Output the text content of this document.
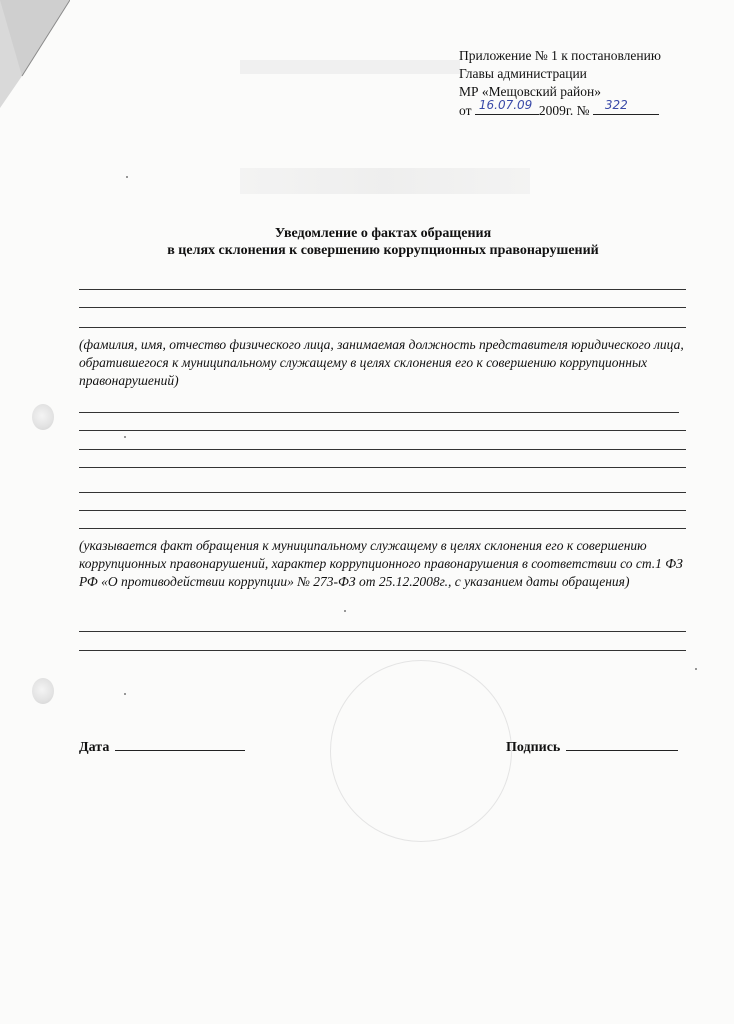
Приложение № 1 к постановлению
Главы администрации
МР «Мещовский район»
от 16.07.09 2009г. № 322
Уведомление о фактах обращения
в целях склонения к совершению коррупционных правонарушений
(фамилия, имя, отчество физического лица, занимаемая должность представителя юридического лица, обратившегося к муниципальному служащему в целях склонения его к совершению коррупционных правонарушений)
(указывается факт обращения к муниципальному служащему в целях склонения его к совершению коррупционных правонарушений, характер коррупционного правонарушения в соответствии со ст.1 ФЗ РФ «О противодействии коррупции» № 273-ФЗ от 25.12.2008г., с указанием даты обращения)
Дата	Подпись
